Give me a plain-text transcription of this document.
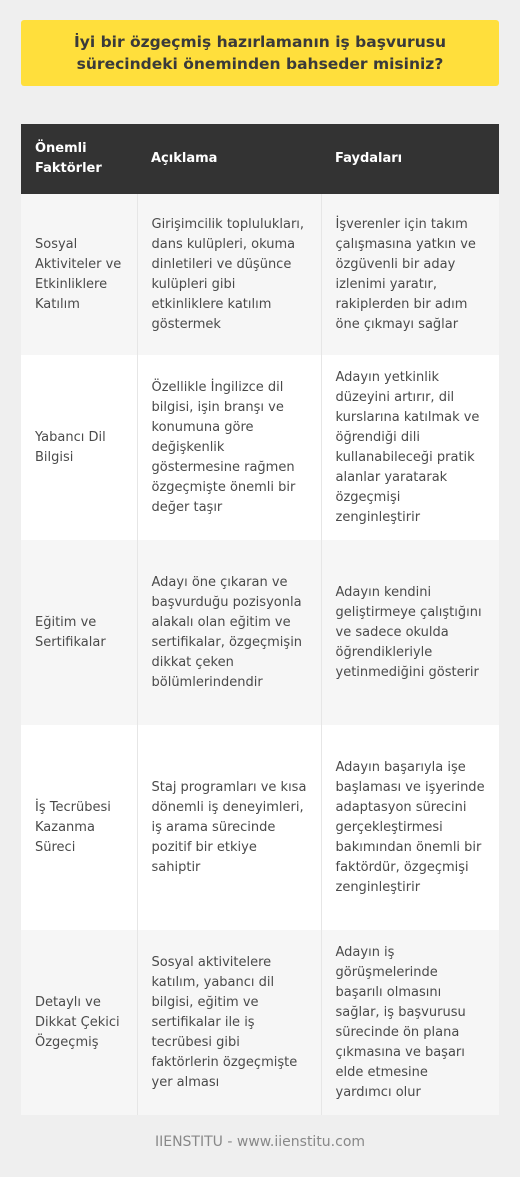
İyi bir özgeçmiş hazırlamanın iş başvurusu sürecindeki öneminden bahseder misiniz?
Önemli Faktörler	Açıklama	Faydaları
Sosyal Aktiviteler ve Etkinliklere Katılım	Girişimcilik toplulukları, dans kulüpleri, okuma dinletileri ve düşünce kulüpleri gibi etkinliklere katılım göstermek	İşverenler için takım çalışmasına yatkın ve özgüvenli bir aday izlenimi yaratır, rakiplerden bir adım öne çıkmayı sağlar
Yabancı Dil Bilgisi	Özellikle İngilizce dil bilgisi, işin branşı ve konumuna göre değişkenlik göstermesine rağmen özgeçmişte önemli bir değer taşır	Adayın yetkinlik düzeyini artırır, dil kurslarına katılmak ve öğrendiği dili kullanabileceği pratik alanlar yaratarak özgeçmişi zenginleştirir
Eğitim ve Sertifikalar	Adayı öne çıkaran ve başvurduğu pozisyonla alakalı olan eğitim ve sertifikalar, özgeçmişin dikkat çeken bölümlerindendir	Adayın kendini geliştirmeye çalıştığını ve sadece okulda öğrendikleriyle yetinmediğini gösterir
İş Tecrübesi Kazanma Süreci	Staj programları ve kısa dönemli iş deneyimleri, iş arama sürecinde pozitif bir etkiye sahiptir	Adayın başarıyla işe başlaması ve işyerinde adaptasyon sürecini gerçekleştirmesi bakımından önemli bir faktördür, özgeçmişi zenginleştirir
Detaylı ve Dikkat Çekici Özgeçmiş	Sosyal aktivitelere katılım, yabancı dil bilgisi, eğitim ve sertifikalar ile iş tecrübesi gibi faktörlerin özgeçmişte yer alması	Adayın iş görüşmelerinde başarılı olmasını sağlar, iş başvurusu sürecinde ön plana çıkmasına ve başarı elde etmesine yardımcı olur
IIENSTITU - www.iienstitu.com
